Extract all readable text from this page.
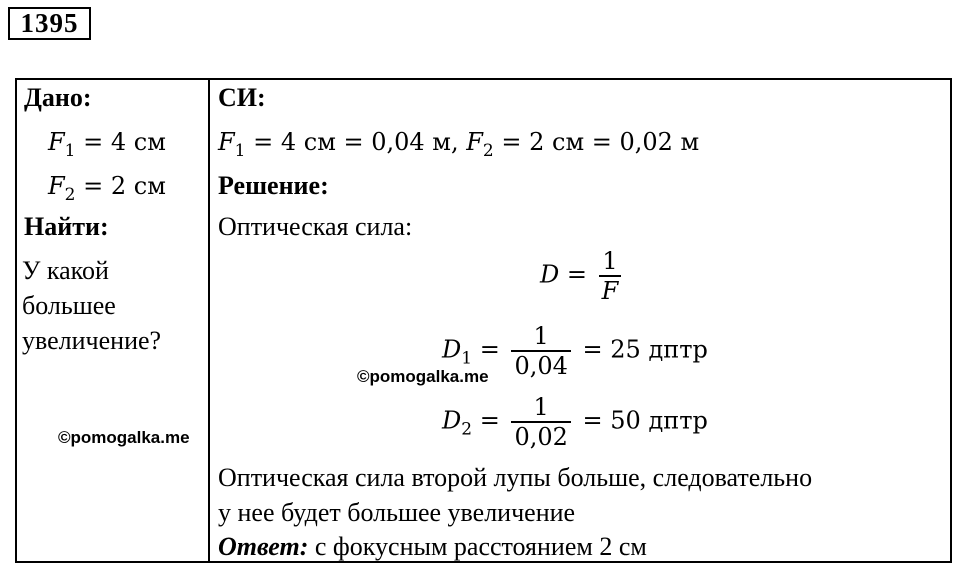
1395
Дано:
$F_1 = 4$ см
$F_2 = 2$ см
Найти:
У какой
большее
увеличение?
СИ:
$F_1 = 4$ см = 0,04 м, $F_2 = 2$ см = 0,02 м
Решение:
Оптическая сила:
$D = \frac{1}{F}$
$D_1 = \frac{1}{0,04} = 25$ дптр
$D_2 = \frac{1}{0,02} = 50$ дптр
Оптическая сила второй лупы больше, следовательно
у нее будет большее увеличение
Ответ: с фокусным расстоянием 2 см
©pomogalka.me
©pomogalka.me
